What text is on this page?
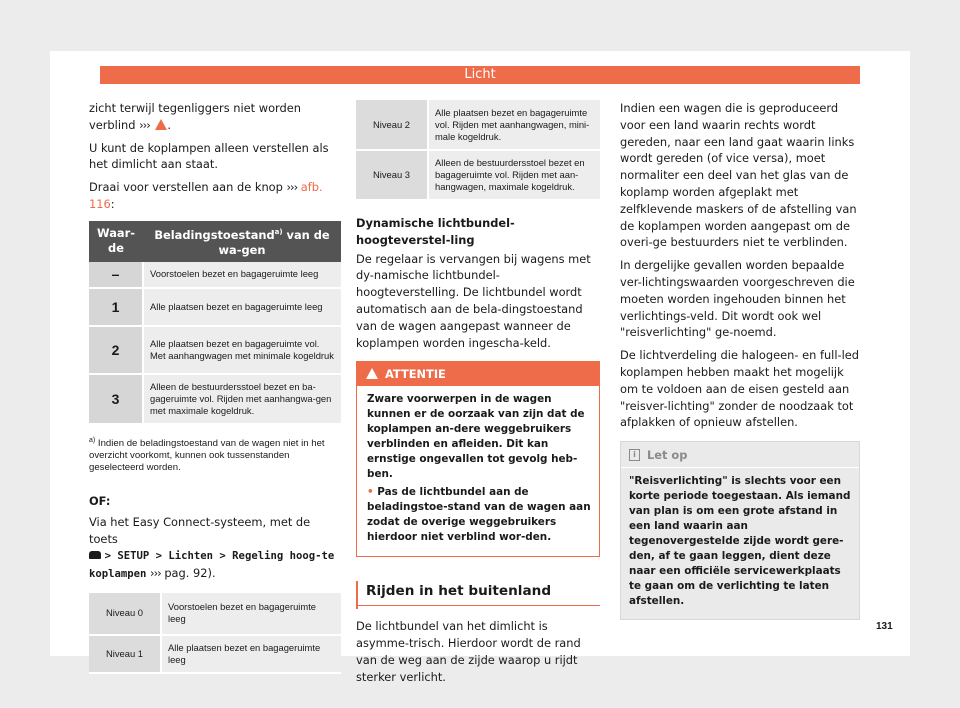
Licht

zicht terwijl tegenliggers niet worden verblind ››› .

U kunt de koplampen alleen verstellen als het dimlicht aan staat.

Draai voor verstellen aan de knop ››› afb. 116:

Waar-de	Beladingstoestand$^{a)}$ van de wa-gen
–	Voorstoelen bezet en bagageruimte leeg
1	Alle plaatsen bezet en bagageruimte leeg
2	Alle plaatsen bezet en bagageruimte vol. Met aanhangwagen met minimale kogeldruk
3	Alleen de bestuurdersstoel bezet en ba-gageruimte vol. Rijden met aanhangwa-gen met maximale kogeldruk.

$^{a)}$ Indien de beladingstoestand van de wagen niet in het overzicht voorkomt, kunnen ook tussenstanden geselecteerd worden.

OF:

Via het Easy Connect-systeem, met de toets
> SETUP > Lichten > Regeling hoog-te koplampen ››› pag. 92).

Niveau 0	Voorstoelen bezet en bagageruimte leeg
Niveau 1	Alle plaatsen bezet en bagageruimte leeg
Niveau 2	Alle plaatsen bezet en bagageruimte vol. Rijden met aanhangwagen, mini-male kogeldruk.
Niveau 3	Alleen de bestuurdersstoel bezet en bagageruimte vol. Rijden met aan-hangwagen, maximale kogeldruk.

Dynamische lichtbundel-hoogteverstel-ling

De regelaar is vervangen bij wagens met dy-namische lichtbundel-hoogteverstelling. De lichtbundel wordt automatisch aan de bela-dingstoestand van de wagen aangepast wanneer de koplampen worden ingescha-keld.

ATTENTIE

Zware voorwerpen in de wagen kunnen er de oorzaak van zijn dat de koplampen an-dere weggebruikers verblinden en afleiden. Dit kan ernstige ongevallen tot gevolg heb-ben.

• Pas de lichtbundel aan de beladingstoe-stand van de wagen aan zodat de overige weggebruikers hierdoor niet verblind wor-den.

Rijden in het buitenland

De lichtbundel van het dimlicht is asymme-trisch. Hierdoor wordt de rand van de weg aan de zijde waarop u rijdt sterker verlicht.

Indien een wagen die is geproduceerd voor een land waarin rechts wordt gereden, naar een land gaat waarin links wordt gereden (of vice versa), moet normaliter een deel van het glas van de koplamp worden afgeplakt met zelfklevende maskers of de afstelling van de koplampen worden aangepast om de overi-ge bestuurders niet te verblinden.

In dergelijke gevallen worden bepaalde ver-lichtingswaarden voorgeschreven die moeten worden ingehouden binnen het verlichtings-veld. Dit wordt ook wel "reisverlichting" ge-noemd.

De lichtverdeling die halogeen- en full-led koplampen hebben maakt het mogelijk om te voldoen aan de eisen gesteld aan "reisver-lichting" zonder de noodzaak tot afplakken of opnieuw afstellen.

i Let op
"Reisverlichting" is slechts voor een korte periode toegestaan. Als iemand van plan is om een grote afstand in een land waarin aan tegenovergestelde zijde wordt gere-den, af te gaan leggen, dient deze naar een officiële servicewerkplaats te gaan om de verlichting te laten afstellen.
131
